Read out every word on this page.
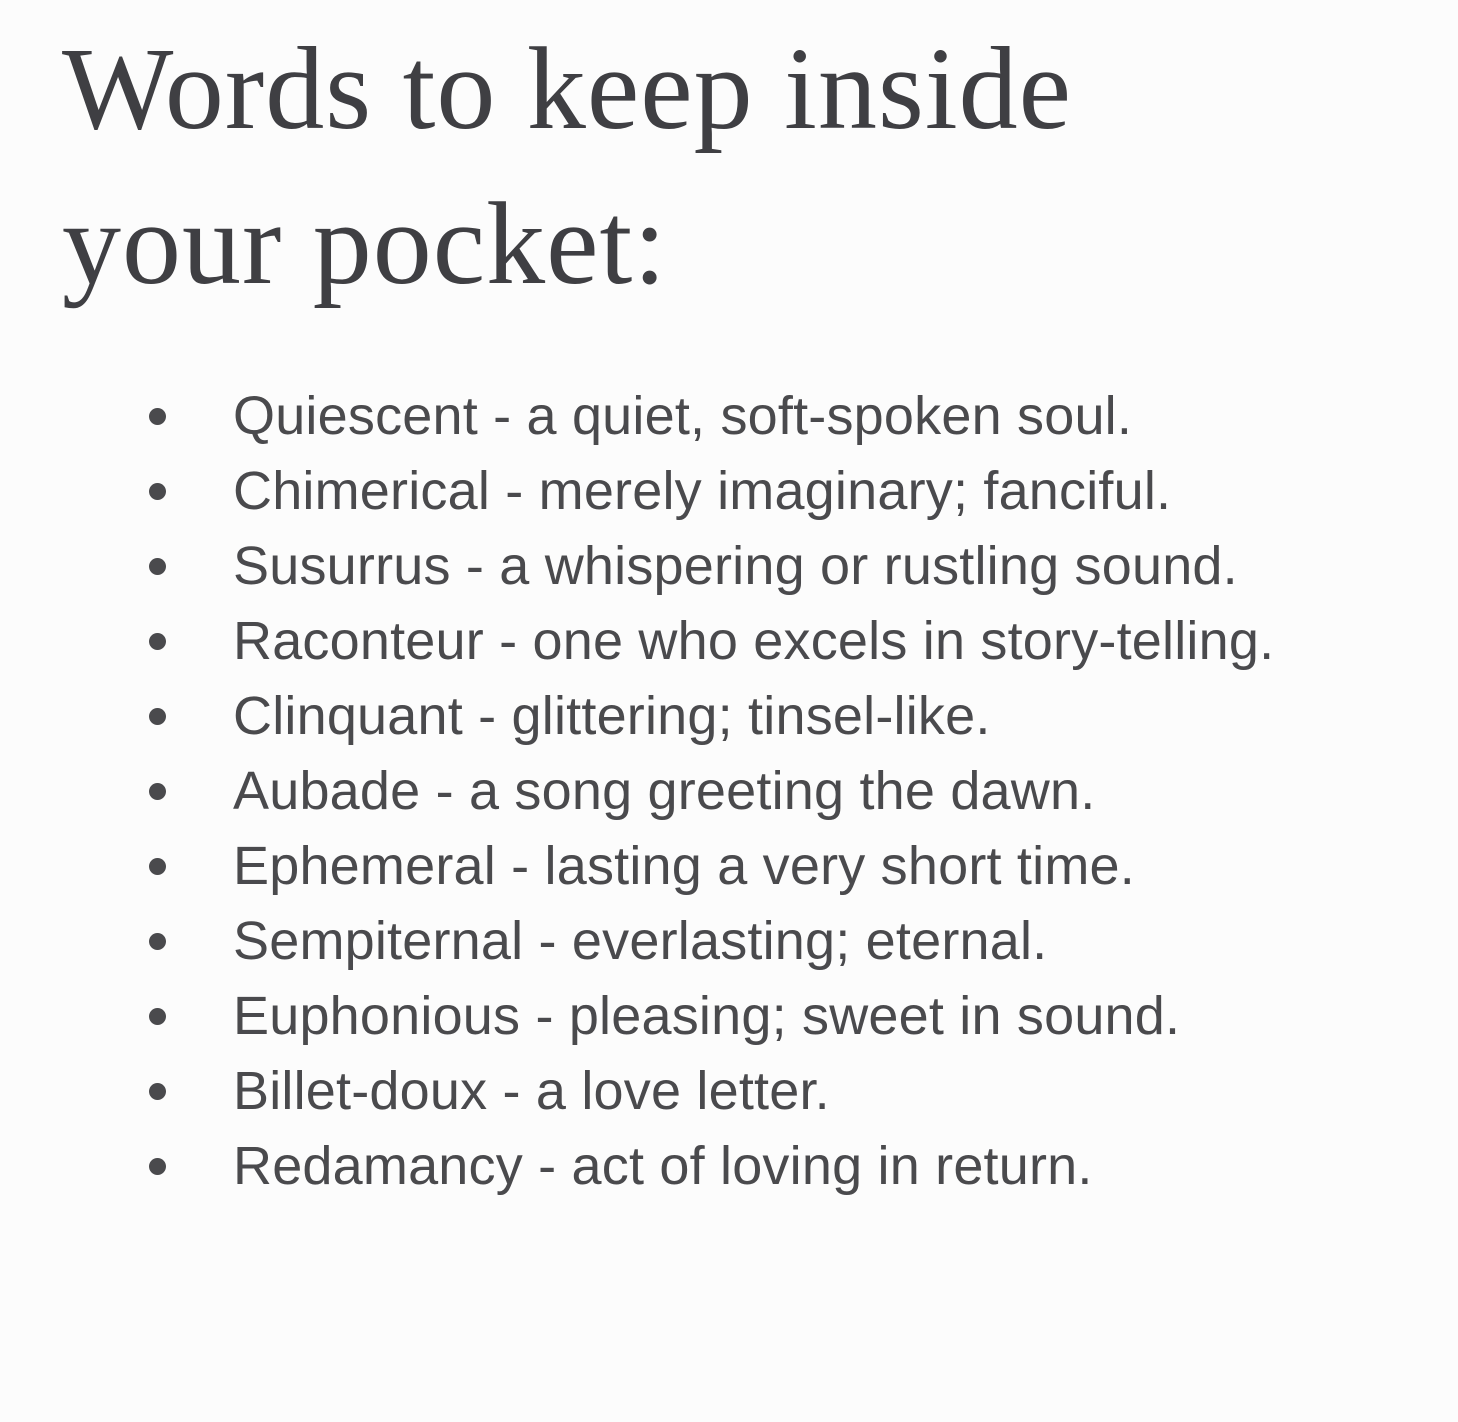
Words to keep inside your pocket:
Quiescent - a quiet, soft-spoken soul.
Chimerical - merely imaginary; fanciful.
Susurrus - a whispering or rustling sound.
Raconteur - one who excels in story-telling.
Clinquant - glittering; tinsel-like.
Aubade - a song greeting the dawn.
Ephemeral - lasting a very short time.
Sempiternal - everlasting; eternal.
Euphonious - pleasing; sweet in sound.
Billet-doux - a love letter.
Redamancy - act of loving in return.
